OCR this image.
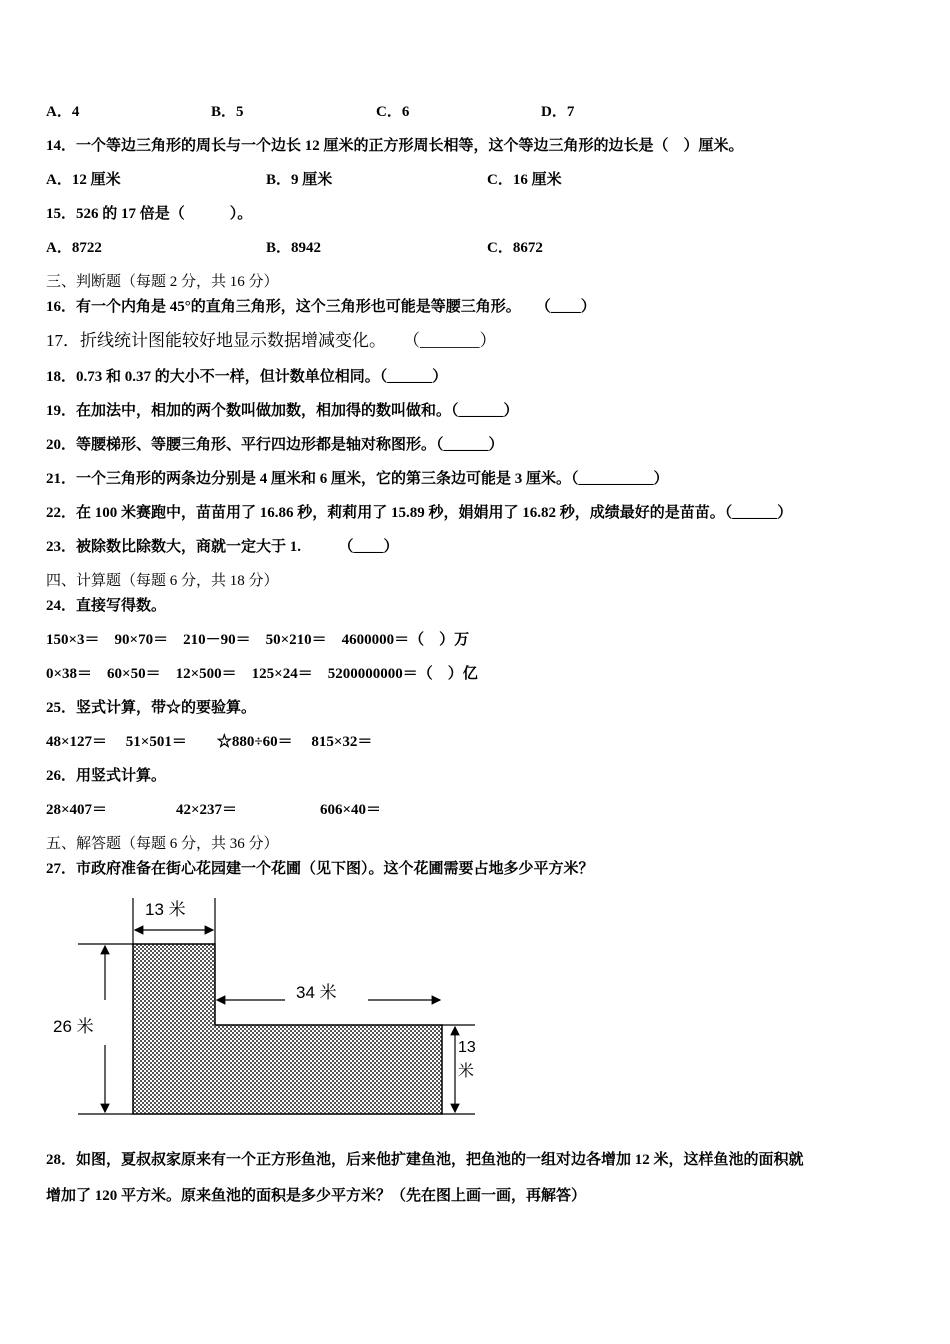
A．4	B．5	C．6	D．7
14．一个等边三角形的周长与一个边长 12 厘米的正方形周长相等，这个等边三角形的边长是（　）厘米。
A．12 厘米	B．9 厘米	C．16 厘米
15．526 的 17 倍是（　　　）。
A．8722	B．8942	C．8672
三、判断题（每题 2 分，共 16 分）
16．有一个内角是 45°的直角三角形，这个三角形也可能是等腰三角形。　　（____）
17．折线统计图能较好地显示数据增减变化。　　（_______）
18．0.73 和 0.37 的大小不一样，但计数单位相同。（______）
19．在加法中，相加的两个数叫做加数，相加得的数叫做和。（______）
20．等腰梯形、等腰三角形、平行四边形都是轴对称图形。（______）
21．一个三角形的两条边分别是 4 厘米和 6 厘米，它的第三条边可能是 3 厘米。（__________）
22．在 100 米赛跑中，苗苗用了 16.86 秒，莉莉用了 15.89 秒，娟娟用了 16.82 秒，成绩最好的是苗苗。（______）
23．被除数比除数大，商就一定大于 1.　　　（____）
四、计算题（每题 6 分，共 18 分）
24．直接写得数。
150×3＝　90×70＝　210－90＝　50×210＝　4600000＝（　）万
0×38＝　60×50＝　12×500＝　125×24＝　5200000000＝（　）亿
25．竖式计算，带☆的要验算。
48×127＝　 51×501＝　　☆880÷60＝　 815×32＝
26．用竖式计算。
28×407＝	42×237＝	606×40＝
五、解答题（每题 6 分，共 36 分）
27．市政府准备在街心花园建一个花圃（见下图）。这个花圃需要占地多少平方米？
13 米
26 米
34 米
13
米
28．如图，夏叔叔家原来有一个正方形鱼池，后来他扩建鱼池，把鱼池的一组对边各增加 12 米，这样鱼池的面积就
增加了 120 平方米。原来鱼池的面积是多少平方米？（先在图上画一画，再解答）
